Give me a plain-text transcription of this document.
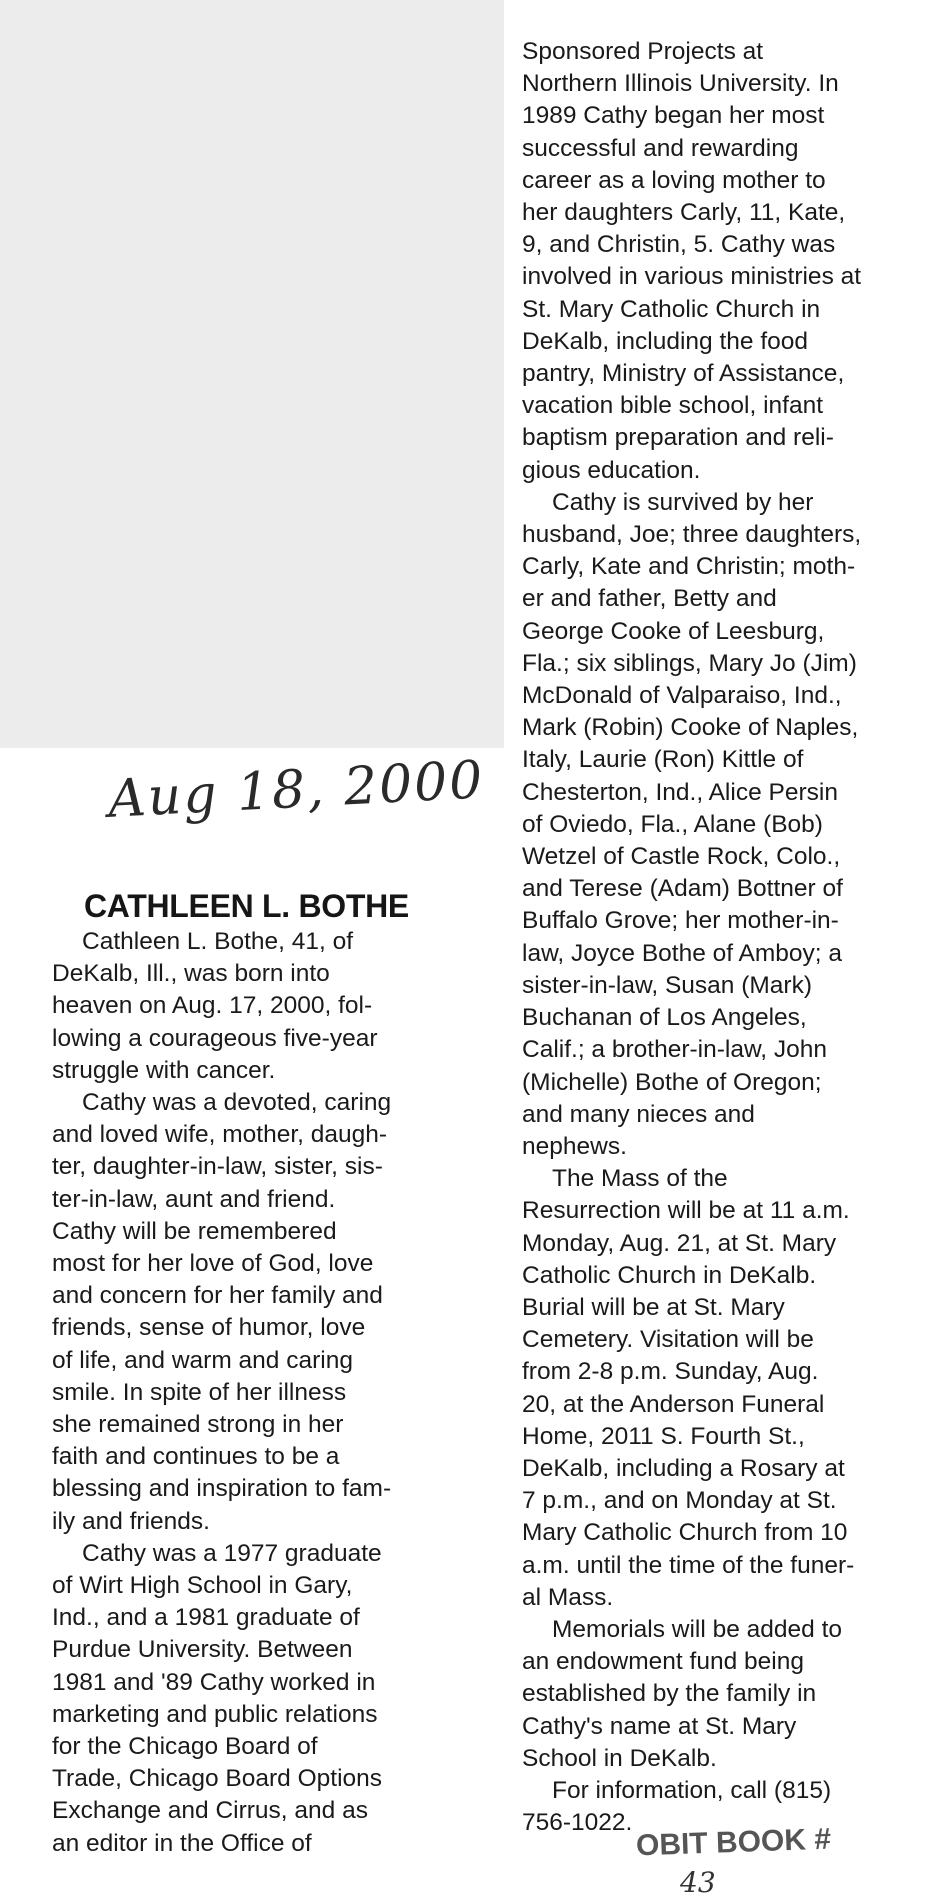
Aug 18, 2000
CATHLEEN L. BOTHE
Cathleen L. Bothe, 41, of
DeKalb, Ill., was born into
heaven on Aug. 17, 2000, fol-
lowing a courageous five-year
struggle with cancer.
Cathy was a devoted, caring
and loved wife, mother, daugh-
ter, daughter-in-law, sister, sis-
ter-in-law, aunt and friend.
Cathy will be remembered
most for her love of God, love
and concern for her family and
friends, sense of humor, love
of life, and warm and caring
smile. In spite of her illness
she remained strong in her
faith and continues to be a
blessing and inspiration to fam-
ily and friends.
Cathy was a 1977 graduate
of Wirt High School in Gary,
Ind., and a 1981 graduate of
Purdue University. Between
1981 and '89 Cathy worked in
marketing and public relations
for the Chicago Board of
Trade, Chicago Board Options
Exchange and Cirrus, and as
an editor in the Office of
Sponsored Projects at
Northern Illinois University. In
1989 Cathy began her most
successful and rewarding
career as a loving mother to
her daughters Carly, 11, Kate,
9, and Christin, 5. Cathy was
involved in various ministries at
St. Mary Catholic Church in
DeKalb, including the food
pantry, Ministry of Assistance,
vacation bible school, infant
baptism preparation and reli-
gious education.
Cathy is survived by her
husband, Joe; three daughters,
Carly, Kate and Christin; moth-
er and father, Betty and
George Cooke of Leesburg,
Fla.; six siblings, Mary Jo (Jim)
McDonald of Valparaiso, Ind.,
Mark (Robin) Cooke of Naples,
Italy, Laurie (Ron) Kittle of
Chesterton, Ind., Alice Persin
of Oviedo, Fla., Alane (Bob)
Wetzel of Castle Rock, Colo.,
and Terese (Adam) Bottner of
Buffalo Grove; her mother-in-
law, Joyce Bothe of Amboy; a
sister-in-law, Susan (Mark)
Buchanan of Los Angeles,
Calif.; a brother-in-law, John
(Michelle) Bothe of Oregon;
and many nieces and
nephews.
The Mass of the
Resurrection will be at 11 a.m.
Monday, Aug. 21, at St. Mary
Catholic Church in DeKalb.
Burial will be at St. Mary
Cemetery. Visitation will be
from 2-8 p.m. Sunday, Aug.
20, at the Anderson Funeral
Home, 2011 S. Fourth St.,
DeKalb, including a Rosary at
7 p.m., and on Monday at St.
Mary Catholic Church from 10
a.m. until the time of the funer-
al Mass.
Memorials will be added to
an endowment fund being
established by the family in
Cathy's name at St. Mary
School in DeKalb.
For information, call (815)
756-1022. OBIT BOOK #
43
